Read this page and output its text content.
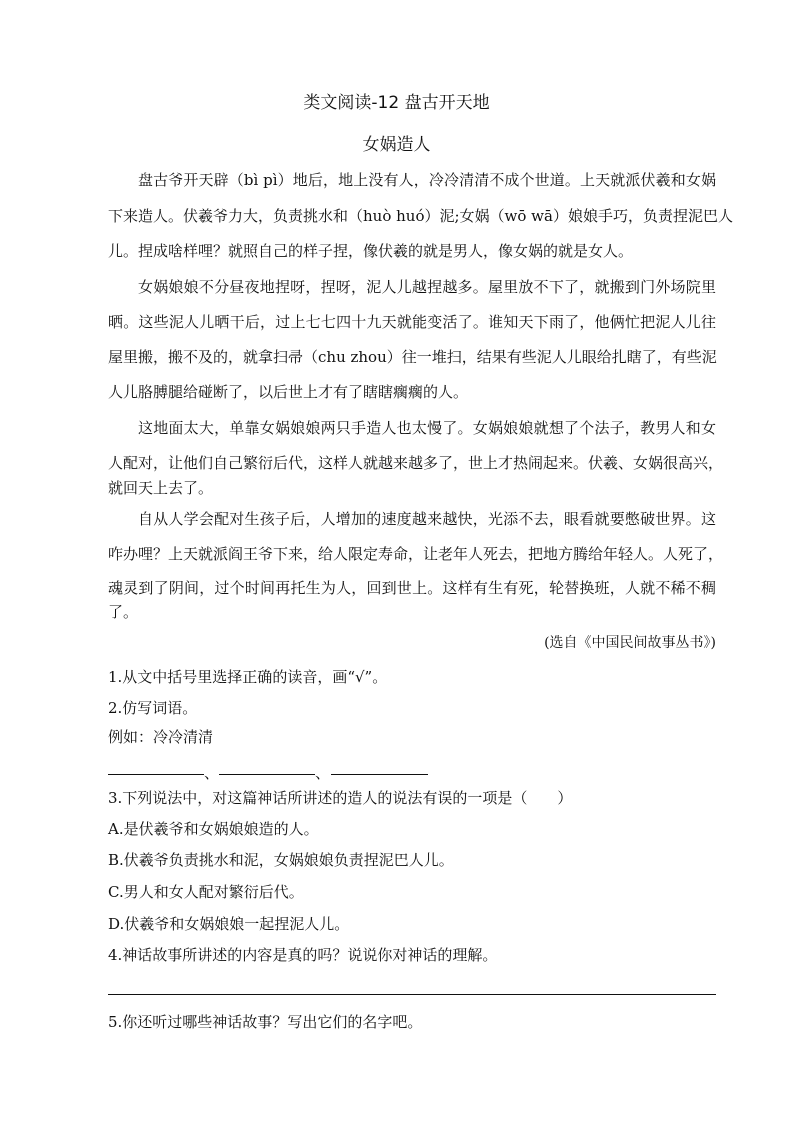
类文阅读-12 盘古开天地
女娲造人
盘古爷开天辟（bì pì）地后，地上没有人，冷冷清清不成个世道。上天就派伏羲和女娲
下来造人。伏羲爷力大，负责挑水和（huò huó）泥;女娲（wō wā）娘娘手巧，负责捏泥巴人
儿。捏成啥样哩？就照自己的样子捏，像伏羲的就是男人，像女娲的就是女人。
女娲娘娘不分昼夜地捏呀，捏呀，泥人儿越捏越多。屋里放不下了，就搬到门外场院里
晒。这些泥人儿晒干后，过上七七四十九天就能变活了。谁知天下雨了，他俩忙把泥人儿往
屋里搬，搬不及的，就拿扫帚（chu zhou）往一堆扫，结果有些泥人儿眼给扎瞎了，有些泥
人儿胳膊腿给碰断了，以后世上才有了瞎瞎瘸瘸的人。
这地面太大，单靠女娲娘娘两只手造人也太慢了。女娲娘娘就想了个法子，教男人和女
人配对，让他们自己繁衍后代，这样人就越来越多了，世上才热闹起来。伏羲、女娲很高兴，
就回天上去了。
自从人学会配对生孩子后，人增加的速度越来越快，光添不去，眼看就要憋破世界。这
咋办哩？上天就派阎王爷下来，给人限定寿命，让老年人死去，把地方腾给年轻人。人死了，
魂灵到了阴间，过个时间再托生为人，回到世上。这样有生有死，轮替换班，人就不稀不稠
了。
(选自《中国民间故事丛书》)
1.从文中括号里选择正确的读音，画“√”。
2.仿写词语。
例如：冷冷清清
、	、
3.下列说法中，对这篇神话所讲述的造人的说法有误的一项是（　　）
A.是伏羲爷和女娲娘娘造的人。
B.伏羲爷负责挑水和泥，女娲娘娘负责捏泥巴人儿。
C.男人和女人配对繁衍后代。
D.伏羲爷和女娲娘娘一起捏泥人儿。
4.神话故事所讲述的内容是真的吗？说说你对神话的理解。
5.你还听过哪些神话故事？写出它们的名字吧。
